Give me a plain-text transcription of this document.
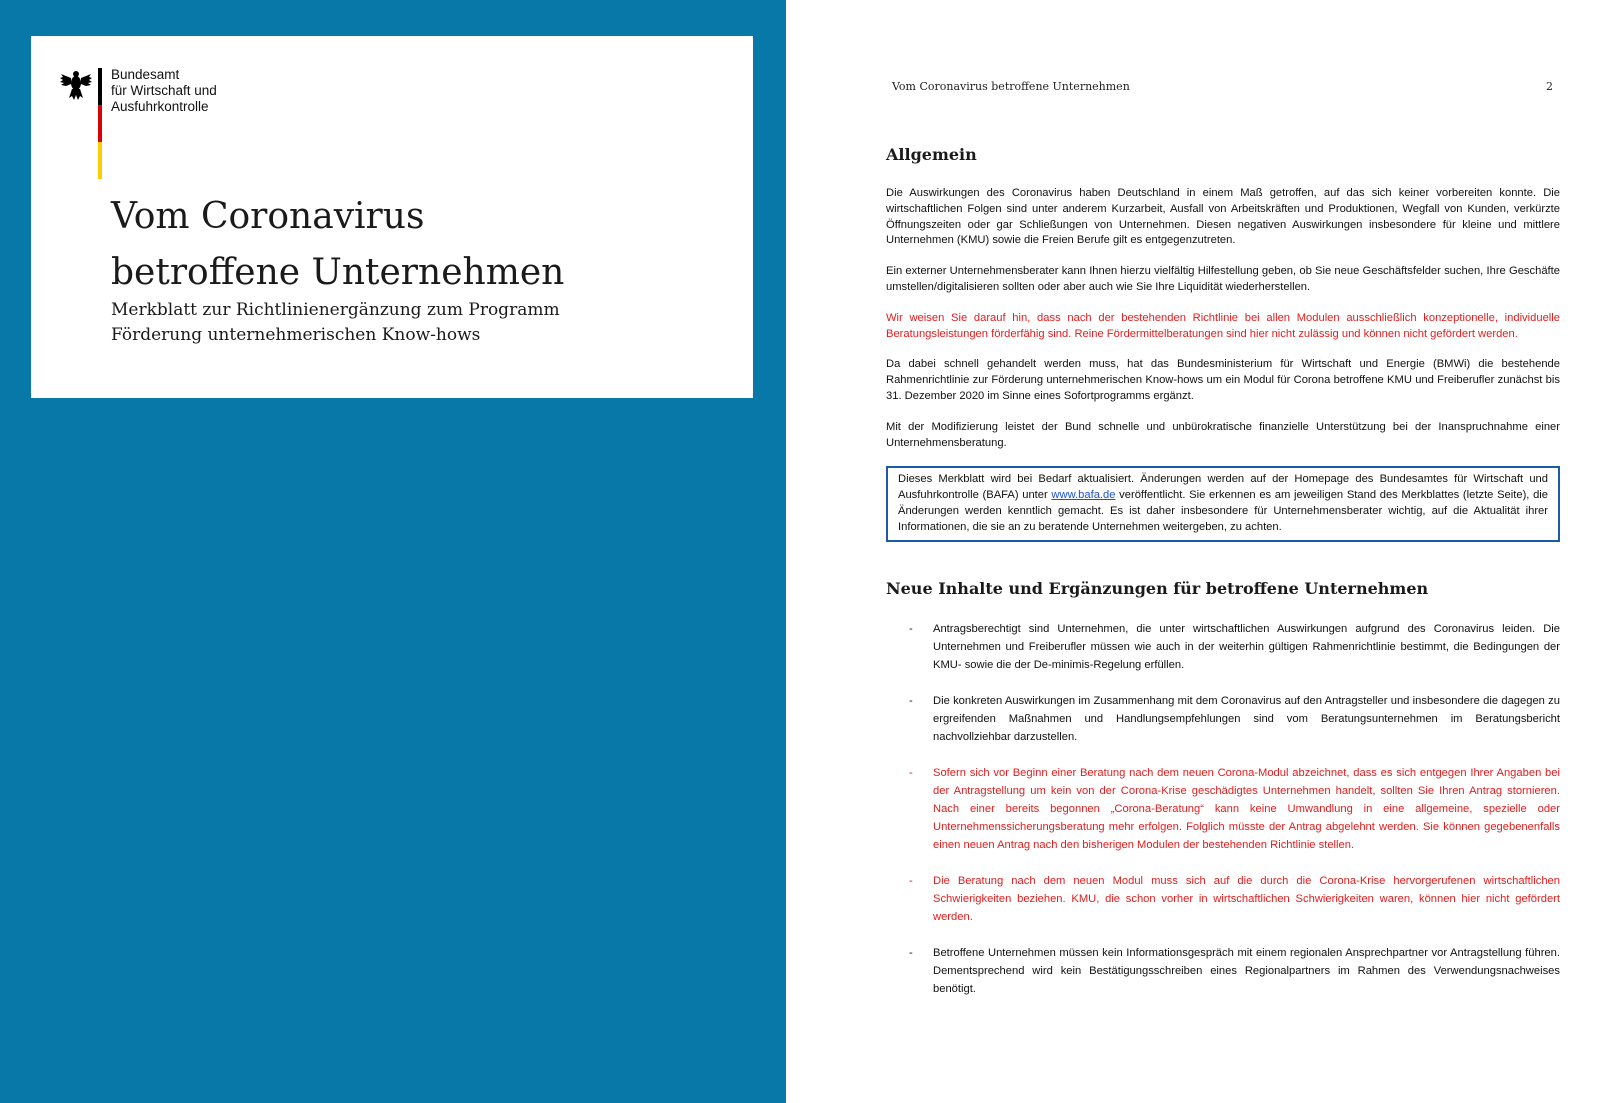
Bundesamt
für Wirtschaft und
Ausfuhrkontrolle
Vom Coronavirus
betroffene Unternehmen
Merkblatt zur Richtlinienergänzung zum Programm
Förderung unternehmerischen Know-hows
Vom Coronavirus betroffene Unternehmen	2
Allgemein

Die Auswirkungen des Coronavirus haben Deutschland in einem Maß getroffen, auf das sich keiner vorbereiten konnte. Die wirtschaftlichen Folgen sind unter anderem Kurzarbeit, Ausfall von Arbeitskräften und Produktionen, Wegfall von Kunden, verkürzte Öffnungszeiten oder gar Schließungen von Unternehmen. Diesen negativen Auswirkungen insbesondere für kleine und mittlere Unternehmen (KMU) sowie die Freien Berufe gilt es entgegenzutreten.

Ein externer Unternehmensberater kann Ihnen hierzu vielfältig Hilfestellung geben, ob Sie neue Geschäftsfelder suchen, Ihre Geschäfte umstellen/digitalisieren sollten oder aber auch wie Sie Ihre Liquidität wiederherstellen.

Wir weisen Sie darauf hin, dass nach der bestehenden Richtlinie bei allen Modulen ausschließlich konzeptionelle, individuelle Beratungsleistungen förderfähig sind. Reine Fördermittelberatungen sind hier nicht zulässig und können nicht gefördert werden.

Da dabei schnell gehandelt werden muss, hat das Bundesministerium für Wirtschaft und Energie (BMWi) die bestehende Rahmenrichtlinie zur Förderung unternehmerischen Know-hows um ein Modul für Corona betroffene KMU und Freiberufler zunächst bis 31. Dezember 2020 im Sinne eines Sofortprogramms ergänzt.

Mit der Modifizierung leistet der Bund schnelle und unbürokratische finanzielle Unterstützung bei der Inanspruchnahme einer Unternehmensberatung.

Dieses Merkblatt wird bei Bedarf aktualisiert. Änderungen werden auf der Homepage des Bundesamtes für Wirtschaft und Ausfuhrkontrolle (BAFA) unter www.bafa.de veröffentlicht. Sie erkennen es am jeweiligen Stand des Merkblattes (letzte Seite), die Änderungen werden kenntlich gemacht. Es ist daher insbesondere für Unternehmensberater wichtig, auf die Aktualität ihrer Informationen, die sie an zu beratende Unternehmen weitergeben, zu achten.
Neue Inhalte und Ergänzungen für betroffene Unternehmen
- Antragsberechtigt sind Unternehmen, die unter wirtschaftlichen Auswirkungen aufgrund des Coronavirus leiden. Die Unternehmen und Freiberufler müssen wie auch in der weiterhin gültigen Rahmenrichtlinie bestimmt, die Bedingungen der KMU- sowie die der De-minimis-Regelung erfüllen.
- Die konkreten Auswirkungen im Zusammenhang mit dem Coronavirus auf den Antragsteller und insbesondere die dagegen zu ergreifenden Maßnahmen und Handlungsempfehlungen sind vom Beratungsunternehmen im Beratungsbericht nachvollziehbar darzustellen.
- Sofern sich vor Beginn einer Beratung nach dem neuen Corona-Modul abzeichnet, dass es sich entgegen Ihrer Angaben bei der Antragstellung um kein von der Corona-Krise geschädigtes Unternehmen handelt, sollten Sie Ihren Antrag stornieren. Nach einer bereits begonnen „Corona-Beratung“ kann keine Umwandlung in eine allgemeine, spezielle oder Unternehmenssicherungsberatung mehr erfolgen. Folglich müsste der Antrag abgelehnt werden. Sie können gegebenenfalls einen neuen Antrag nach den bisherigen Modulen der bestehenden Richtlinie stellen.
- Die Beratung nach dem neuen Modul muss sich auf die durch die Corona-Krise hervorgerufenen wirtschaftlichen Schwierigkeiten beziehen. KMU, die schon vorher in wirtschaftlichen Schwierigkeiten waren, können hier nicht gefördert werden.
- Betroffene Unternehmen müssen kein Informationsgespräch mit einem regionalen Ansprechpartner vor Antragstellung führen. Dementsprechend wird kein Bestätigungsschreiben eines Regionalpartners im Rahmen des Verwendungsnachweises benötigt.
